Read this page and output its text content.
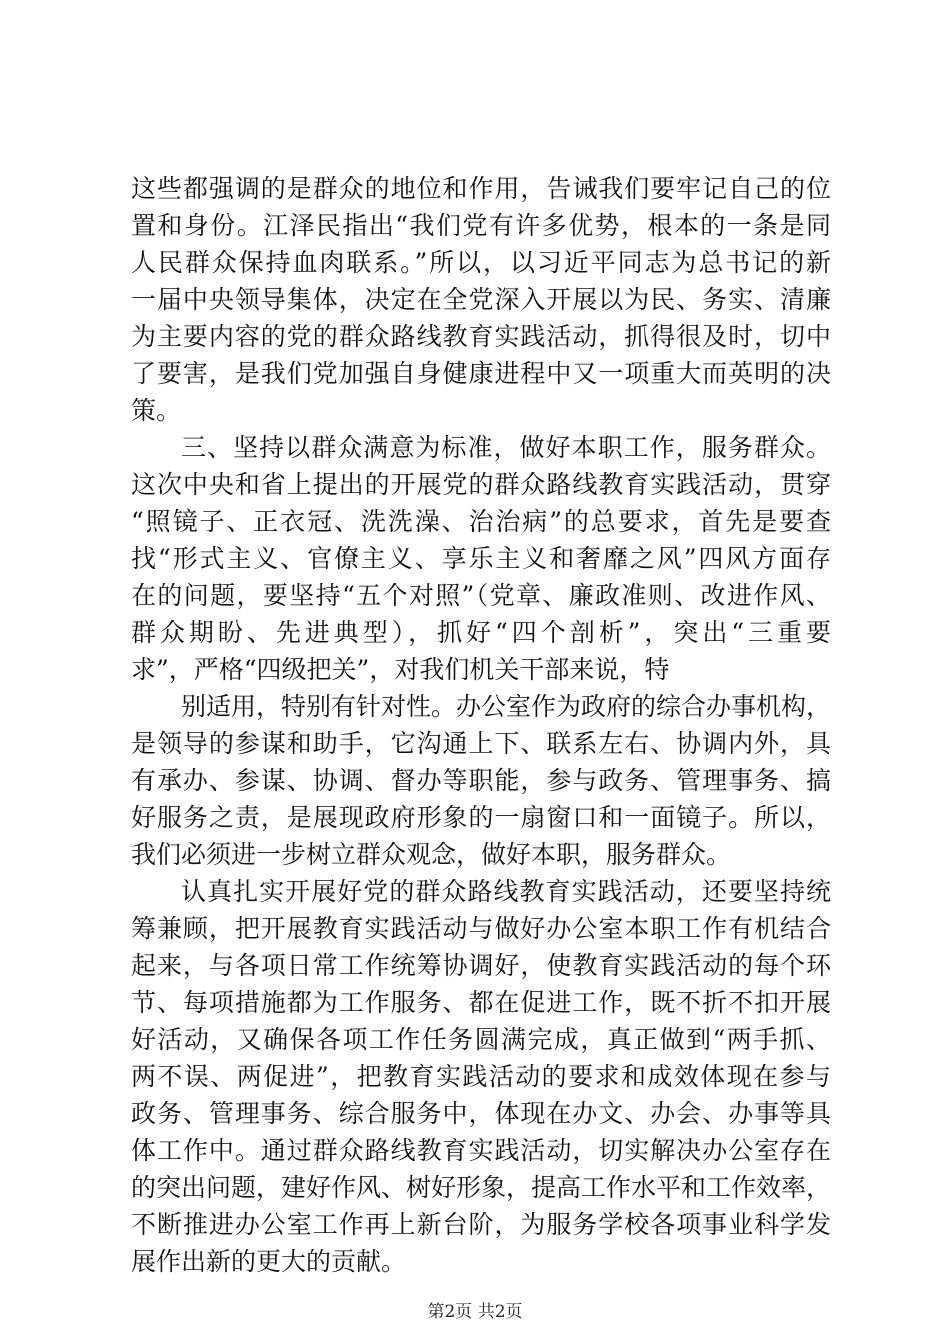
这些都强调的是群众的地位和作用，告诫我们要牢记自己的位
置和身份。江泽民指出“我们党有许多优势，根本的一条是同
人民群众保持血肉联系。”所以，以习近平同志为总书记的新
一届中央领导集体，决定在全党深入开展以为民、务实、清廉
为主要内容的党的群众路线教育实践活动，抓得很及时，切中
了要害，是我们党加强自身健康进程中又一项重大而英明的决
策。
三、坚持以群众满意为标准，做好本职工作，服务群众。
这次中央和省上提出的开展党的群众路线教育实践活动，贯穿
“照镜子、正衣冠、洗洗澡、治治病”的总要求，首先是要查
找“形式主义、官僚主义、享乐主义和奢靡之风”四风方面存
在的问题，要坚持“五个对照”（党章、廉政准则、改进作风、
群众期盼、先进典型），抓好“四个剖析”，突出“三重要
求”，严格“四级把关”，对我们机关干部来说，特
别适用，特别有针对性。办公室作为政府的综合办事机构，
是领导的参谋和助手，它沟通上下、联系左右、协调内外，具
有承办、参谋、协调、督办等职能，参与政务、管理事务、搞
好服务之责，是展现政府形象的一扇窗口和一面镜子。所以，
我们必须进一步树立群众观念，做好本职，服务群众。
认真扎实开展好党的群众路线教育实践活动，还要坚持统
筹兼顾，把开展教育实践活动与做好办公室本职工作有机结合
起来，与各项日常工作统筹协调好，使教育实践活动的每个环
节、每项措施都为工作服务、都在促进工作，既不折不扣开展
好活动，又确保各项工作任务圆满完成，真正做到“两手抓、
两不误、两促进”，把教育实践活动的要求和成效体现在参与
政务、管理事务、综合服务中，体现在办文、办会、办事等具
体工作中。通过群众路线教育实践活动，切实解决办公室存在
的突出问题，建好作风、树好形象，提高工作水平和工作效率，
不断推进办公室工作再上新台阶，为服务学校各项事业科学发
展作出新的更大的贡献。
第2页 共2页
